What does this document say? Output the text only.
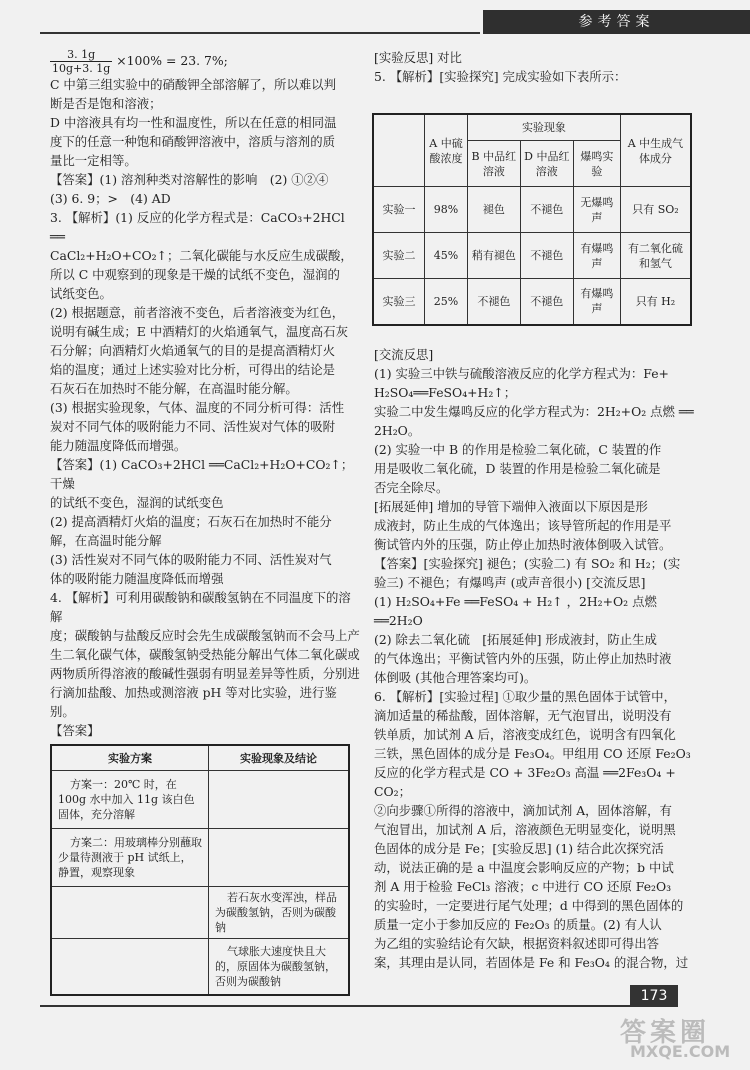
参考答案

$\frac{3. 1g}{10g+3. 1g} \times 100\% = 23$. 7%;

C 中第三组实验中的硝酸钾全部溶解了，所以难以判

断是否是饱和溶液；

D 中溶液具有均一性和温度性，所以在任意的相同温

度下的任意一种饱和硝酸钾溶液中，溶质与溶剂的质

量比一定相等。

【答案】(1) 溶剂种类对溶解性的影响　(2) ①②④

(3) 6. 9；>　(4) AD

3. 【解析】(1) 反应的化学方程式是：CaCO₃+2HCl ══

CaCl₂+H₂O+CO₂↑；二氧化碳能与水反应生成碳酸，

所以 C 中观察到的现象是干燥的试纸不变色，湿润的

试纸变色。

(2) 根据题意，前者溶液不变色，后者溶液变为红色，

说明有碱生成；E 中酒精灯的火焰通氧气，温度高石灰

石分解；向酒精灯火焰通氧气的目的是提高酒精灯火

焰的温度；通过上述实验对比分析，可得出的结论是

石灰石在加热时不能分解，在高温时能分解。

(3) 根据实验现象，气体、温度的不同分析可得：活性

炭对不同气体的吸附能力不同、活性炭对气体的吸附

能力随温度降低而增强。

【答案】(1) CaCO₃+2HCl ══CaCl₂+H₂O+CO₂↑；干燥

的试纸不变色，湿润的试纸变色

(2) 提高酒精灯火焰的温度；石灰石在加热时不能分

解，在高温时能分解

(3) 活性炭对不同气体的吸附能力不同、活性炭对气

体的吸附能力随温度降低而增强

4. 【解析】可利用碳酸钠和碳酸氢钠在不同温度下的溶解

度；碳酸钠与盐酸反应时会先生成碳酸氢钠而不会马上产

生二氧化碳气体，碳酸氢钠受热能分解出气体二氧化碳或

两物质所得溶液的酸碱性强弱有明显差异等性质，分别进

行滴加盐酸、加热或测溶液 pH 等对比实验，进行鉴别。

【答案】

实验方案	实验现象及结论
方案一：20℃ 时，在 100g 水中加入 11g 该白色固体，充分溶解	
方案二：用玻璃棒分别蘸取少量待测液于 pH 试纸上，静置，观察现象	
	若石灰水变浑浊，样品为碳酸氢钠，否则为碳酸钠
	气球胀大速度快且大的，原固体为碳酸氢钠，否则为碳酸钠

[实验反思] 对比

5. 【解析】[实验探究] 完成实验如下表所示：

	A 中硫酸浓度	实验现象			A 中生成气体成分
		B 中品红溶液	D 中品红溶液	爆鸣实验	
实验一	98%	褪色	不褪色	无爆鸣声	只有 SO₂
实验二	45%	稍有褪色	不褪色	有爆鸣声	有二氧化硫和氢气
实验三	25%	不褪色	不褪色	有爆鸣声	只有 H₂

[交流反思]

(1) 实验三中铁与硫酸溶液反应的化学方程式为：Fe+

H₂SO₄══FeSO₄+H₂↑；

实验二中发生爆鸣反应的化学方程式为：2H₂+O₂ 点燃 ══

2H₂O。

(2) 实验一中 B 的作用是检验二氧化硫，C 装置的作

用是吸收二氧化硫，D 装置的作用是检验二氧化硫是

否完全除尽。

[拓展延伸] 增加的导管下端伸入液面以下原因是形

成液封，防止生成的气体逸出；该导管所起的作用是平

衡试管内外的压强，防止停止加热时液体倒吸入试管。

【答案】[实验探究] 褪色；(实验二) 有 SO₂ 和 H₂；(实

验三) 不褪色；有爆鸣声 (或声音很小) [交流反思]

(1) H₂SO₄+Fe ══FeSO₄ + H₂↑ ，2H₂+O₂ 点燃 ══2H₂O

(2) 除去二氧化硫　[拓展延伸] 形成液封，防止生成

的气体逸出；平衡试管内外的压强，防止停止加热时液

体倒吸 (其他合理答案均可)。

6. 【解析】[实验过程] ①取少量的黑色固体于试管中，

滴加适量的稀盐酸，固体溶解，无气泡冒出，说明没有

铁单质，加试剂 A 后，溶液变成红色，说明含有四氧化

三铁，黑色固体的成分是 Fe₃O₄。甲组用 CO 还原 Fe₂O₃

反应的化学方程式是 CO + 3Fe₂O₃ 高温 ══2Fe₃O₄ + CO₂；

②向步骤①所得的溶液中，滴加试剂 A，固体溶解，有

气泡冒出，加试剂 A 后，溶液颜色无明显变化，说明黑

色固体的成分是 Fe；[实验反思] (1) 结合此次探究活

动，说法正确的是 a 中温度会影响反应的产物；b 中试

剂 A 用于检验 FeCl₃ 溶液；c 中进行 CO 还原 Fe₂O₃

的实验时，一定要进行尾气处理；d 中得到的黑色固体的

质量一定小于参加反应的 Fe₂O₃ 的质量。(2) 有人认

为乙组的实验结论有欠缺，根据资料叙述即可得出答

案，其理由是认同，若固体是 Fe 和 Fe₃O₄ 的混合物，过

173
答案圈
MXQE.COM
